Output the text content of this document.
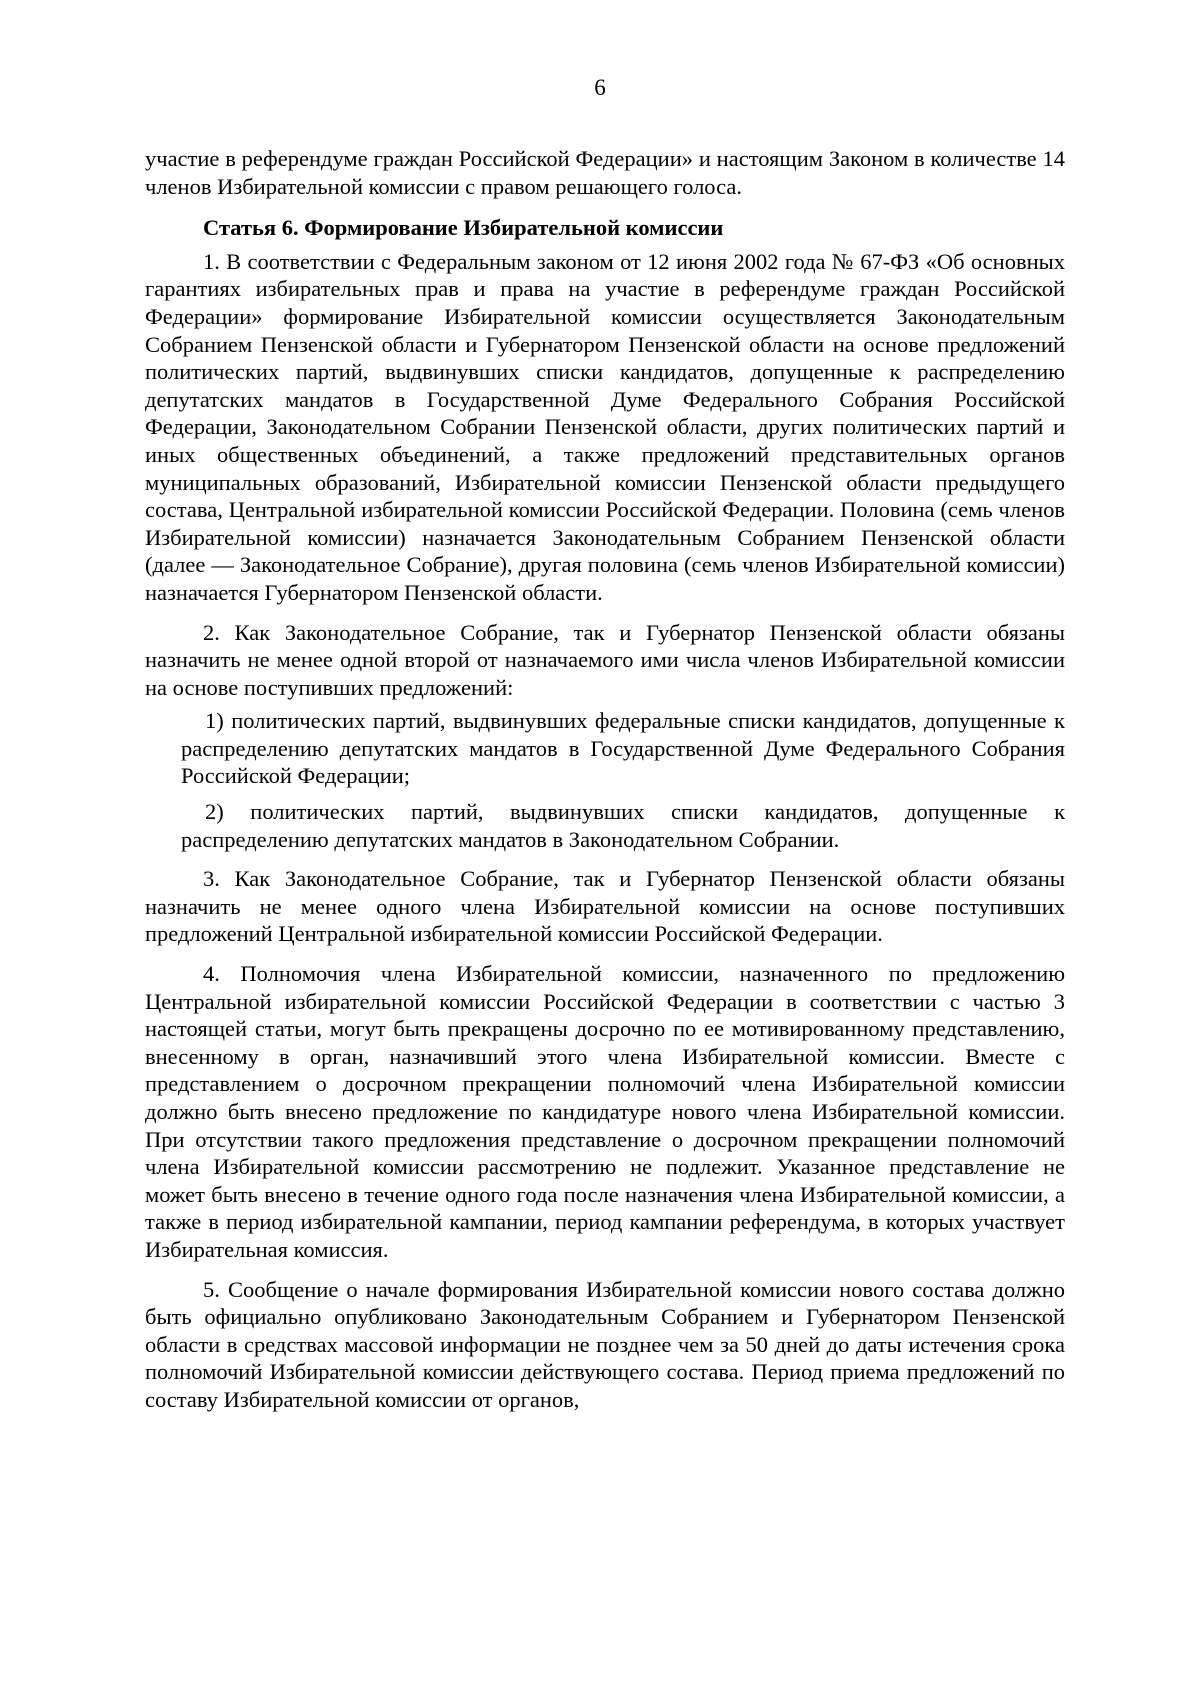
6

участие в референдуме граждан Российской Федерации» и настоящим Законом в количестве 14 членов Избирательной комиссии с правом решающего голоса.

Статья 6. Формирование Избирательной комиссии

1. В соответствии с Федеральным законом от 12 июня 2002 года № 67-ФЗ «Об основных гарантиях избирательных прав и права на участие в референдуме граждан Российской Федерации» формирование Избирательной комиссии осуществляется Законодательным Собранием Пензенской области и Губернатором Пензенской области на основе предложений политических партий, выдвинувших списки кандидатов, допущенные к распределению депутатских мандатов в Государственной Думе Федерального Собрания Российской Федерации, Законодательном Собрании Пензенской области, других политических партий и иных общественных объединений, а также предложений представительных органов муниципальных образований, Избирательной комиссии Пензенской области предыдущего состава, Центральной избирательной комиссии Российской Федерации. Половина (семь членов Избирательной комиссии) назначается Законодательным Собранием Пензенской области (далее — Законодательное Собрание), другая половина (семь членов Избирательной комиссии) назначается Губернатором Пензенской области.

2. Как Законодательное Собрание, так и Губернатор Пензенской области обязаны назначить не менее одной второй от назначаемого ими числа членов Избирательной комиссии на основе поступивших предложений:

1) политических партий, выдвинувших федеральные списки кандидатов, допущенные к распределению депутатских мандатов в Государственной Думе Федерального Собрания Российской Федерации;

2) политических партий, выдвинувших списки кандидатов, допущенные к распределению депутатских мандатов в Законодательном Собрании.

3. Как Законодательное Собрание, так и Губернатор Пензенской области обязаны назначить не менее одного члена Избирательной комиссии на основе поступивших предложений Центральной избирательной комиссии Российской Федерации.

4. Полномочия члена Избирательной комиссии, назначенного по предложению Центральной избирательной комиссии Российской Федерации в соответствии с частью 3 настоящей статьи, могут быть прекращены досрочно по ее мотивированному представлению, внесенному в орган, назначивший этого члена Избирательной комиссии. Вместе с представлением о досрочном прекращении полномочий члена Избирательной комиссии должно быть внесено предложение по кандидатуре нового члена Избирательной комиссии. При отсутствии такого предложения представление о досрочном прекращении полномочий члена Избирательной комиссии рассмотрению не подлежит. Указанное представление не может быть внесено в течение одного года после назначения члена Избирательной комиссии, а также в период избирательной кампании, период кампании референдума, в которых участвует Избирательная комиссия.

5. Сообщение о начале формирования Избирательной комиссии нового состава должно быть официально опубликовано Законодательным Собранием и Губернатором Пензенской области в средствах массовой информации не позднее чем за 50 дней до даты истечения срока полномочий Избирательной комиссии действующего состава. Период приема предложений по составу Избирательной комиссии от органов,
